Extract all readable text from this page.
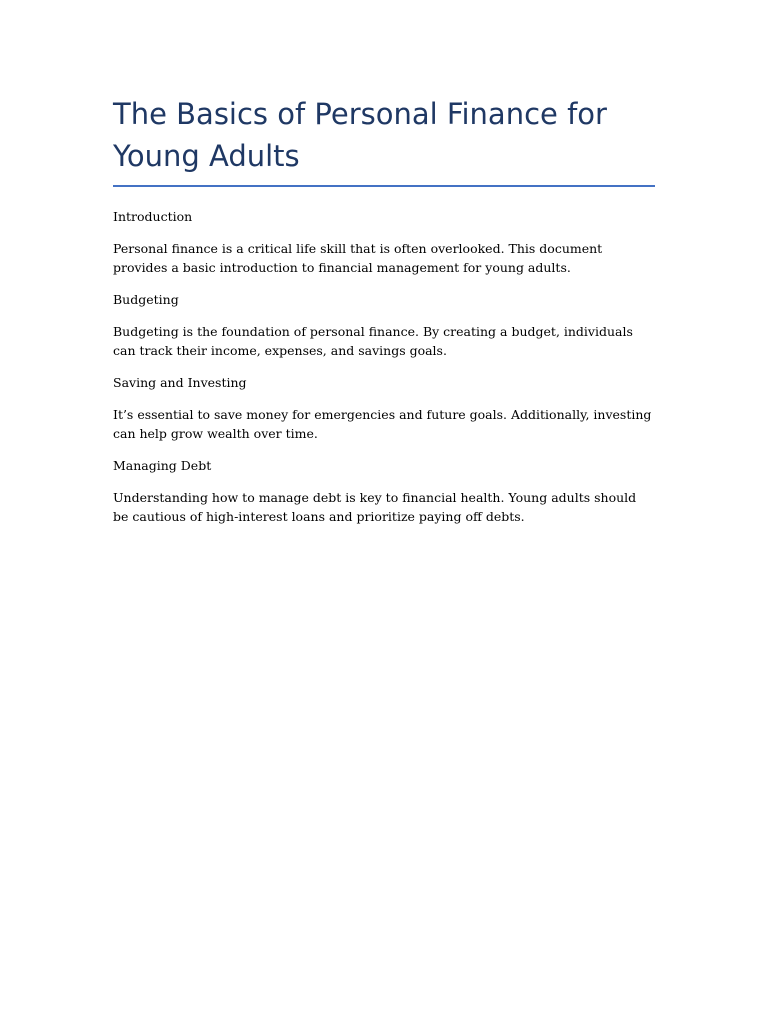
The Basics of Personal Finance for Young Adults

Introduction

Personal finance is a critical life skill that is often overlooked. This document provides a basic introduction to financial management for young adults.

Budgeting

Budgeting is the foundation of personal finance. By creating a budget, individuals can track their income, expenses, and savings goals.

Saving and Investing

It’s essential to save money for emergencies and future goals. Additionally, investing can help grow wealth over time.

Managing Debt

Understanding how to manage debt is key to financial health. Young adults should be cautious of high-interest loans and prioritize paying off debts.
